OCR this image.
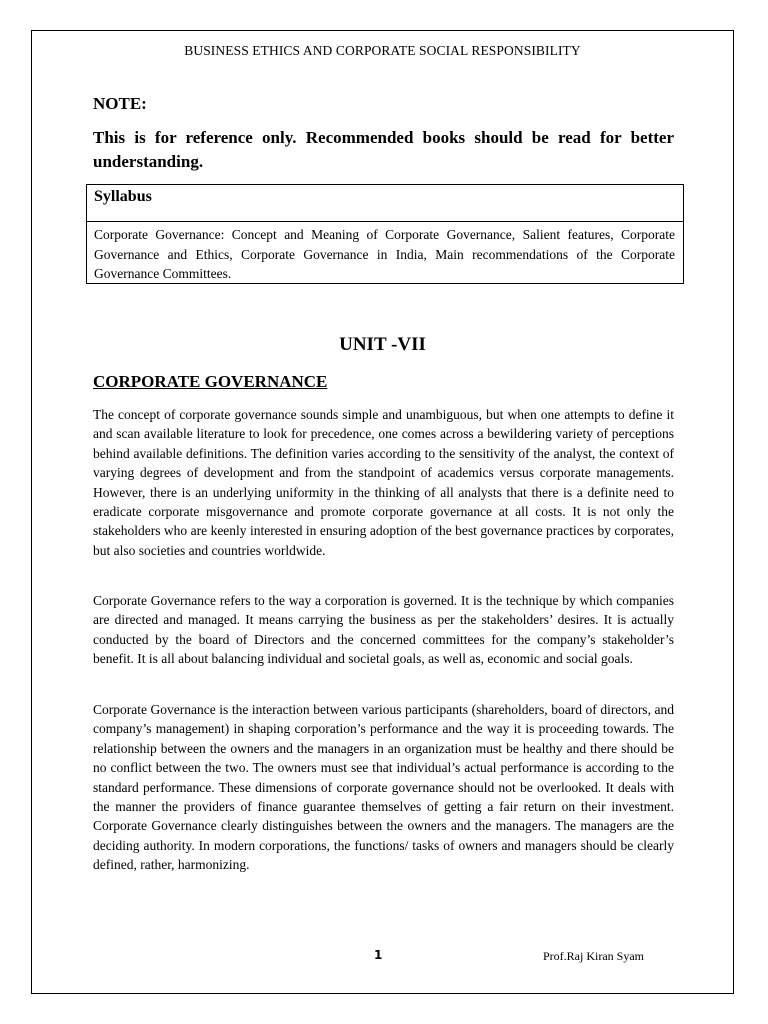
BUSINESS ETHICS AND CORPORATE SOCIAL RESPONSIBILITY
NOTE:
This is for reference only. Recommended books should be read for better understanding.
Syllabus
Corporate Governance: Concept and Meaning of Corporate Governance, Salient features, Corporate Governance and Ethics, Corporate Governance in India, Main recommendations of the Corporate Governance Committees.
UNIT -VII
CORPORATE GOVERNANCE
The concept of corporate governance sounds simple and unambiguous, but when one attempts to define it and scan available literature to look for precedence, one comes across a bewildering variety of perceptions behind available definitions. The definition varies according to the sensitivity of the analyst, the context of varying degrees of development and from the standpoint of academics versus corporate managements. However, there is an underlying uniformity in the thinking of all analysts that there is a definite need to eradicate corporate misgovernance and promote corporate governance at all costs. It is not only the stakeholders who are keenly interested in ensuring adoption of the best governance practices by corporates, but also societies and countries worldwide.
Corporate Governance refers to the way a corporation is governed. It is the technique by which companies are directed and managed. It means carrying the business as per the stakeholders’ desires. It is actually conducted by the board of Directors and the concerned committees for the company’s stakeholder’s benefit. It is all about balancing individual and societal goals, as well as, economic and social goals.
Corporate Governance is the interaction between various participants (shareholders, board of directors, and company’s management) in shaping corporation’s performance and the way it is proceeding towards. The relationship between the owners and the managers in an organization must be healthy and there should be no conflict between the two. The owners must see that individual’s actual performance is according to the standard performance. These dimensions of corporate governance should not be overlooked. It deals with the manner the providers of finance guarantee themselves of getting a fair return on their investment. Corporate Governance clearly distinguishes between the owners and the managers. The managers are the deciding authority. In modern corporations, the functions/ tasks of owners and managers should be clearly defined, rather, harmonizing.
1	Prof.Raj Kiran Syam
